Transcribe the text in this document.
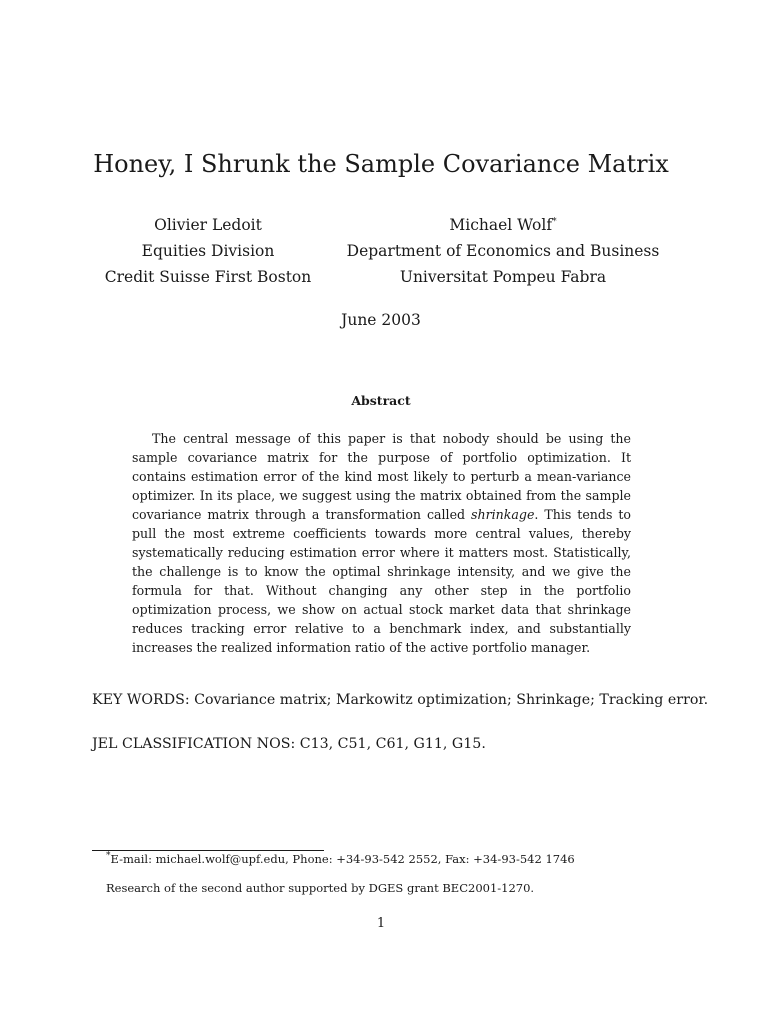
Honey, I Shrunk the Sample Covariance Matrix
Olivier Ledoit
Equities Division
Credit Suisse First Boston
Michael Wolf*
Department of Economics and Business
Universitat Pompeu Fabra
June 2003
Abstract

The central message of this paper is that nobody should be using the sample covariance matrix for the purpose of portfolio optimization. It contains estimation error of the kind most likely to perturb a mean-variance optimizer. In its place, we suggest using the matrix obtained from the sample covariance matrix through a transformation called shrinkage. This tends to pull the most extreme coefficients towards more central values, thereby systematically reducing estimation error where it matters most. Statistically, the challenge is to know the optimal shrinkage intensity, and we give the formula for that. Without changing any other step in the portfolio optimization process, we show on actual stock market data that shrinkage reduces tracking error relative to a benchmark index, and substantially increases the realized information ratio of the active portfolio manager.

KEY WORDS: Covariance matrix; Markowitz optimization; Shrinkage; Tracking error.
JEL CLASSIFICATION NOS: C13, C51, C61, G11, G15.
*E-mail: michael.wolf@upf.edu, Phone: +34-93-542 2552, Fax: +34-93-542 1746
Research of the second author supported by DGES grant BEC2001-1270.
1
